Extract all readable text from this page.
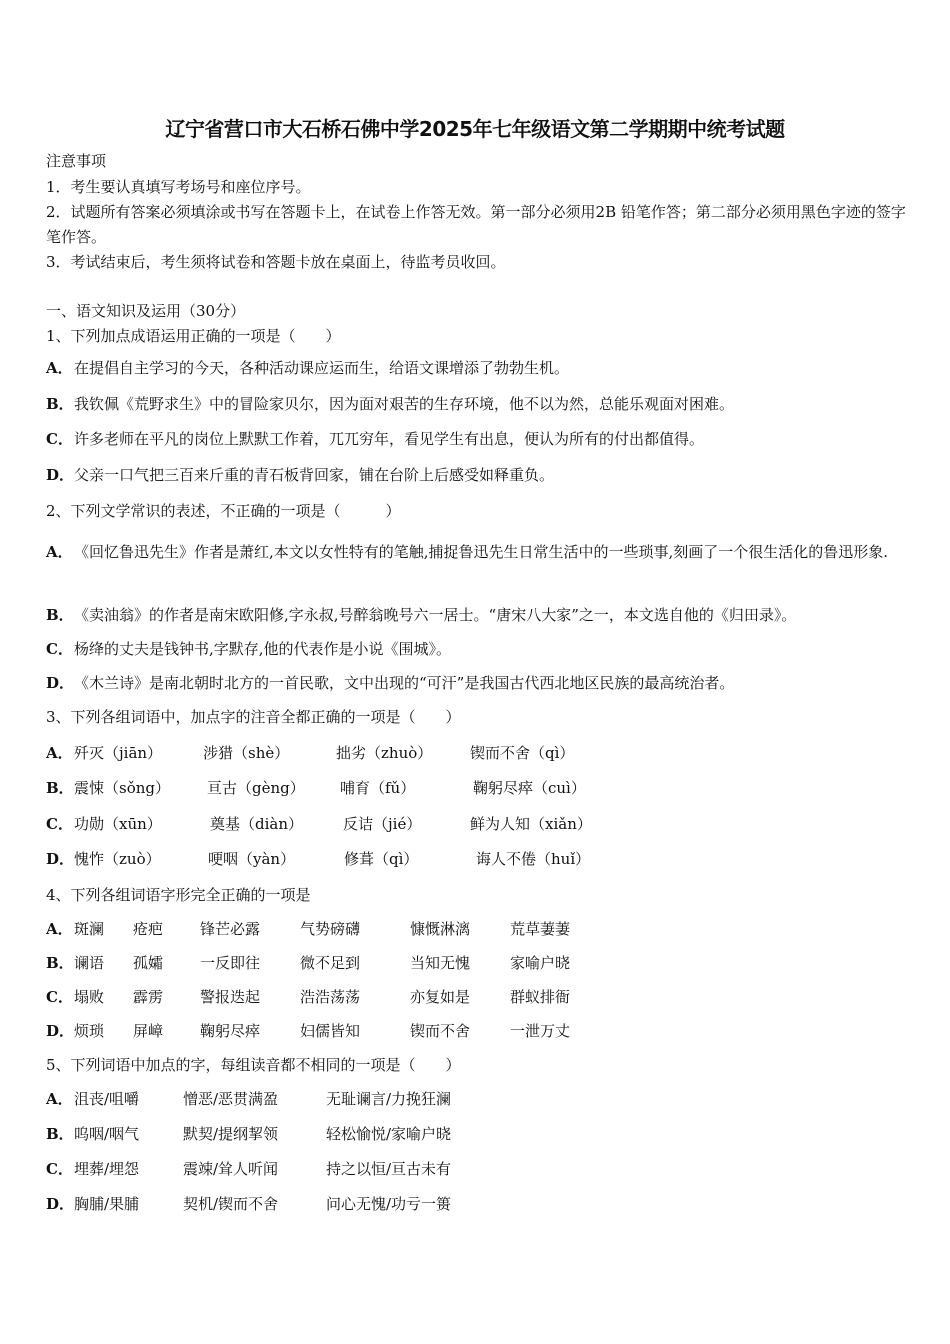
辽宁省营口市大石桥石佛中学2025年七年级语文第二学期期中统考试题
注意事项
1．考生要认真填写考场号和座位序号。
2．试题所有答案必须填涂或书写在答题卡上，在试卷上作答无效。第一部分必须用2B 铅笔作答；第二部分必须用黑色字迹的签字笔作答。
3．考试结束后，考生须将试卷和答题卡放在桌面上，待监考员收回。
一、语文知识及运用（30分）
1、下列加点成语运用正确的一项是（　　）
A．在提倡自主学习的今天，各种活动课应运而生，给语文课增添了勃勃生机。
B．我钦佩《荒野求生》中的冒险家贝尔，因为面对艰苦的生存环境，他不以为然，总能乐观面对困难。
C．许多老师在平凡的岗位上默默工作着，兀兀穷年，看见学生有出息，便认为所有的付出都值得。
D．父亲一口气把三百来斤重的青石板背回家，铺在台阶上后感受如释重负。
2、下列文学常识的表述，不正确的一项是（　　　）
A．《回忆鲁迅先生》作者是萧红,本文以女性特有的笔触,捕捉鲁迅先生日常生活中的一些琐事,刻画了一个很生活化的鲁迅形象.
B．《卖油翁》的作者是南宋欧阳修,字永叔,号醉翁晚号六一居士。“唐宋八大家”之一，本文选自他的《归田录》。
C．杨绛的丈夫是钱钟书,字默存,他的代表作是小说《围城》。
D．《木兰诗》是南北朝时北方的一首民歌，文中出现的“可汗”是我国古代西北地区民族的最高统治者。
3、下列各组词语中，加点字的注音全都正确的一项是（　　）
A． 歼灭（jiān）	涉猎（shè）	拙劣（zhuò）	锲而不舍（qì）
B． 震悚（sǒng） 亘古（gèng） 哺育（fǔ）	鞠躬尽瘁（cuì）
C． 功勋（xūn）	奠基（diàn）	反诘（jié）	鲜为人知（xiǎn）
D． 愧怍（zuò）	哽咽（yàn）	修葺（qì）	诲人不倦（huǐ）
4、下列各组词语字形完全正确的一项是
A． 斑澜 疮疤 锋芒必露	气势磅礴	慷慨淋漓	荒草萋萋
B． 谰语 孤孀 一反即往	微不足到	当知无愧	家喻户晓
C． 塌败 霹雳 警报迭起	浩浩荡荡	亦复如是	群蚁排衙
D． 烦琐 屏嶂 鞠躬尽瘁	妇儒皆知	锲而不舍	一泄万丈
5、下列词语中加点的字，每组读音都不相同的一项是（　　）
A． 沮丧/咀嚼	憎恶/恶贯满盈	无耻谰言/力挽狂澜
B． 呜咽/咽气	默契/提纲挈领	轻松愉悦/家喻户晓
C． 埋葬/埋怨	震竦/耸人听闻	持之以恒/亘古未有
D． 胸脯/果脯	契机/锲而不舍	问心无愧/功亏一篑
